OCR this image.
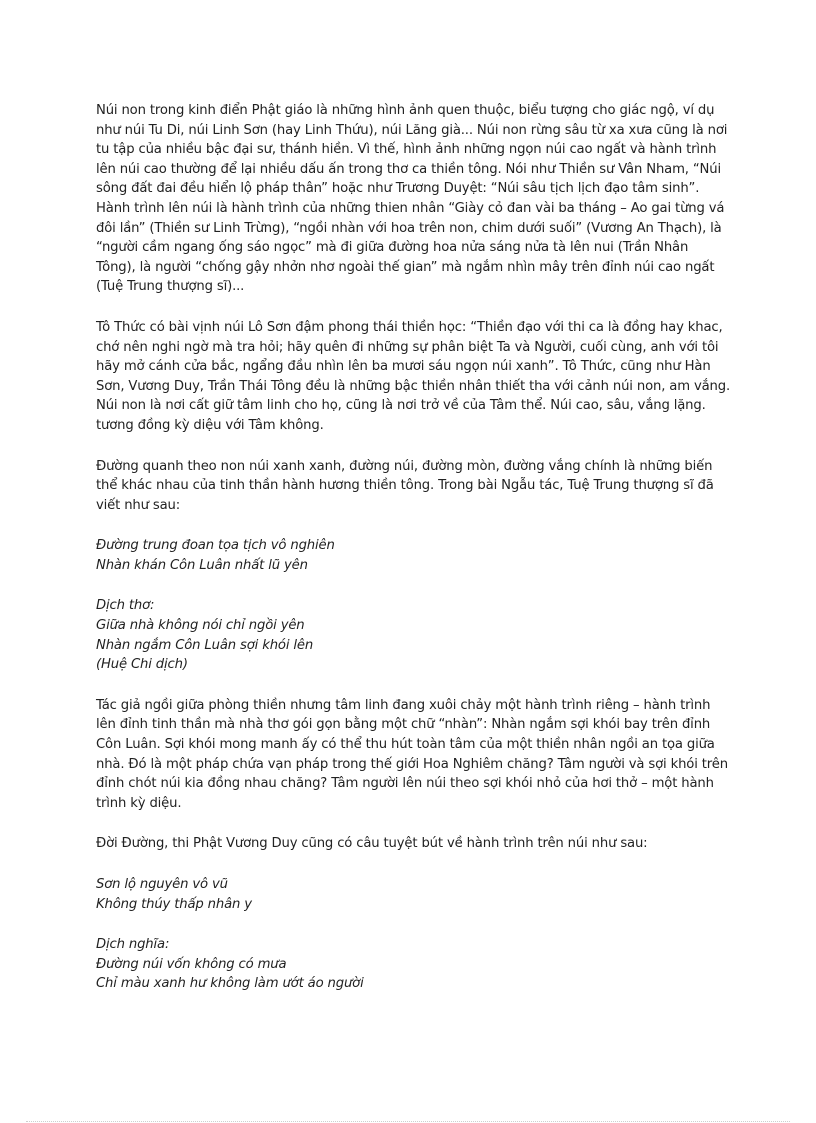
Núi non trong kinh điển Phật giáo là những hình ảnh quen thuộc, biểu tượng cho giác ngộ, ví dụ như núi Tu Di, núi Linh Sơn (hay Linh Thứu), núi Lăng già... Núi non rừng sâu từ xa xưa cũng là nơi tu tập của nhiều bậc đại sư, thánh hiền. Vì thế, hình ảnh những ngọn núi cao ngất và hành trình lên núi cao thường để lại nhiều dấu ấn trong thơ ca thiền tông. Nói như Thiền sư Vân Nham, “Núi sông đất đai đều hiển lộ pháp thân” hoặc như Trương Duyệt: “Núi sâu tịch lịch đạo tâm sinh”. Hành trình lên núi là hành trình của những thien nhân “Giày cỏ đan vài ba tháng – Ao gai từng vá đôi lần” (Thiền sư Linh Trừng), “ngồi nhàn với hoa trên non, chim dưới suối” (Vương An Thạch), là “người cầm ngang ống sáo ngọc” mà đi giữa đường hoa nửa sáng nửa tà lên nui (Trần Nhân Tông), là người “chống gậy nhởn nhơ ngoài thế gian” mà ngắm nhìn mây trên đỉnh núi cao ngất (Tuệ Trung thượng sĩ)...

Tô Thức có bài vịnh núi Lô Sơn đậm phong thái thiền học: “Thiền đạo với thi ca là đồng hay khac, chớ nên nghi ngờ mà tra hỏi; hãy quên đi những sự phân biệt Ta và Người, cuối cùng, anh với tôi hãy mở cánh cửa bắc, ngẩng đầu nhìn lên ba mươi sáu ngọn núi xanh”. Tô Thức, cũng như Hàn Sơn, Vương Duy, Trần Thái Tông đều là những bậc thiền nhân thiết tha với cảnh núi non, am vắng. Núi non là nơi cất giữ tâm linh cho họ, cũng là nơi trở về của Tâm thể. Núi cao, sâu, vắng lặng. tương đồng kỳ diệu với Tâm không.

Đường quanh theo non núi xanh xanh, đường núi, đường mòn, đường vắng chính là những biến thể khác nhau của tinh thần hành hương thiền tông. Trong bài Ngẫu tác, Tuệ Trung thượng sĩ đã viết như sau:

Đường trung đoan tọa tịch vô nghiên
Nhàn khán Côn Luân nhất lũ yên
Dịch thơ:
Giữa nhà không nói chỉ ngồi yên
Nhàn ngắm Côn Luân sợi khói lên
(Huệ Chi dịch)

Tác giả ngồi giữa phòng thiền nhưng tâm linh đang xuôi chảy một hành trình riêng – hành trình lên đỉnh tinh thần mà nhà thơ gói gọn bằng một chữ “nhàn”: Nhàn ngắm sợi khói bay trên đỉnh Côn Luân. Sợi khói mong manh ấy có thể thu hút toàn tâm của một thiền nhân ngồi an tọa giữa nhà. Đó là một pháp chứa vạn pháp trong thế giới Hoa Nghiêm chăng? Tâm người và sợi khói trên đỉnh chót núi kia đồng nhau chăng? Tâm người lên núi theo sợi khói nhỏ của hơi thở – một hành trình kỳ diệu.

Đời Đường, thi Phật Vương Duy cũng có câu tuyệt bút về hành trình trên núi như sau:

Sơn lộ nguyên vô vũ
Không thúy thấp nhân y
Dịch nghĩa:
Đường núi vốn không có mưa
Chỉ màu xanh hư không làm ướt áo người
